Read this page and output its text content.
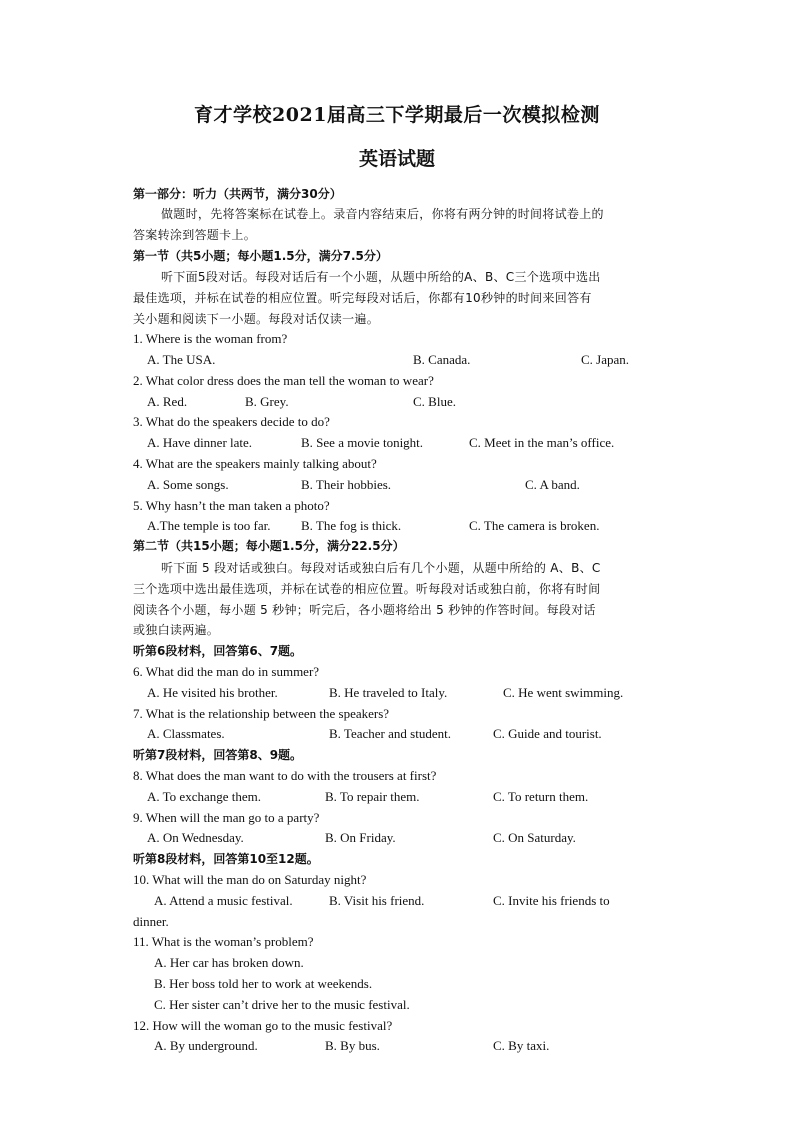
育才学校2021届高三下学期最后一次模拟检测
英语试题
第一部分：听力（共两节，满分30分）
做题时，先将答案标在试卷上。录音内容结束后，你将有两分钟的时间将试卷上的
答案转涂到答题卡上。
第一节（共5小题；每小题1.5分，满分7.5分）
听下面5段对话。每段对话后有一个小题，从题中所给的A、B、C三个选项中选出
最佳选项，并标在试卷的相应位置。听完每段对话后，你都有10秒钟的时间来回答有
关小题和阅读下一小题。每段对话仅读一遍。
1. Where is the woman from?
A. The USA.	B. Canada.	C. Japan.
2. What color dress does the man tell the woman to wear?
A. Red.	B. Grey.	C. Blue.
3. What do the speakers decide to do?
A. Have dinner late.	B. See a movie tonight.	C. Meet in the man’s office.
4. What are the speakers mainly talking about?
A. Some songs.	B. Their hobbies.	C. A band.
5. Why hasn’t the man taken a photo?
A.The temple is too far. B. The fog is thick.	C. The camera is broken.
第二节（共15小题；每小题1.5分，满分22.5分）
听下面 5 段对话或独白。每段对话或独白后有几个小题，从题中所给的 A、B、C
三个选项中选出最佳选项，并标在试卷的相应位置。听每段对话或独白前，你将有时间
阅读各个小题，每小题 5 秒钟；听完后，各小题将给出 5 秒钟的作答时间。每段对话
或独白读两遍。
听第6段材料，回答第6、7题。
6. What did the man do in summer?
A. He visited his brother.	B. He traveled to Italy.	C. He went swimming.
7. What is the relationship between the speakers?
A. Classmates.	B. Teacher and student.	C. Guide and tourist.
听第7段材料，回答第8、9题。
8. What does the man want to do with the trousers at first?
A. To exchange them.	B. To repair them.	C. To return them.
9. When will the man go to a party?
A. On Wednesday.	B. On Friday.	C. On Saturday.
听第8段材料，回答第10至12题。
10. What will the man do on Saturday night?
A. Attend a music festival.	B. Visit his friend.	C. Invite his friends to
dinner.
11. What is the woman’s problem?
A. Her car has broken down.
B. Her boss told her to work at weekends.
C. Her sister can’t drive her to the music festival.
12. How will the woman go to the music festival?
A. By underground.	B. By bus.	C. By taxi.
